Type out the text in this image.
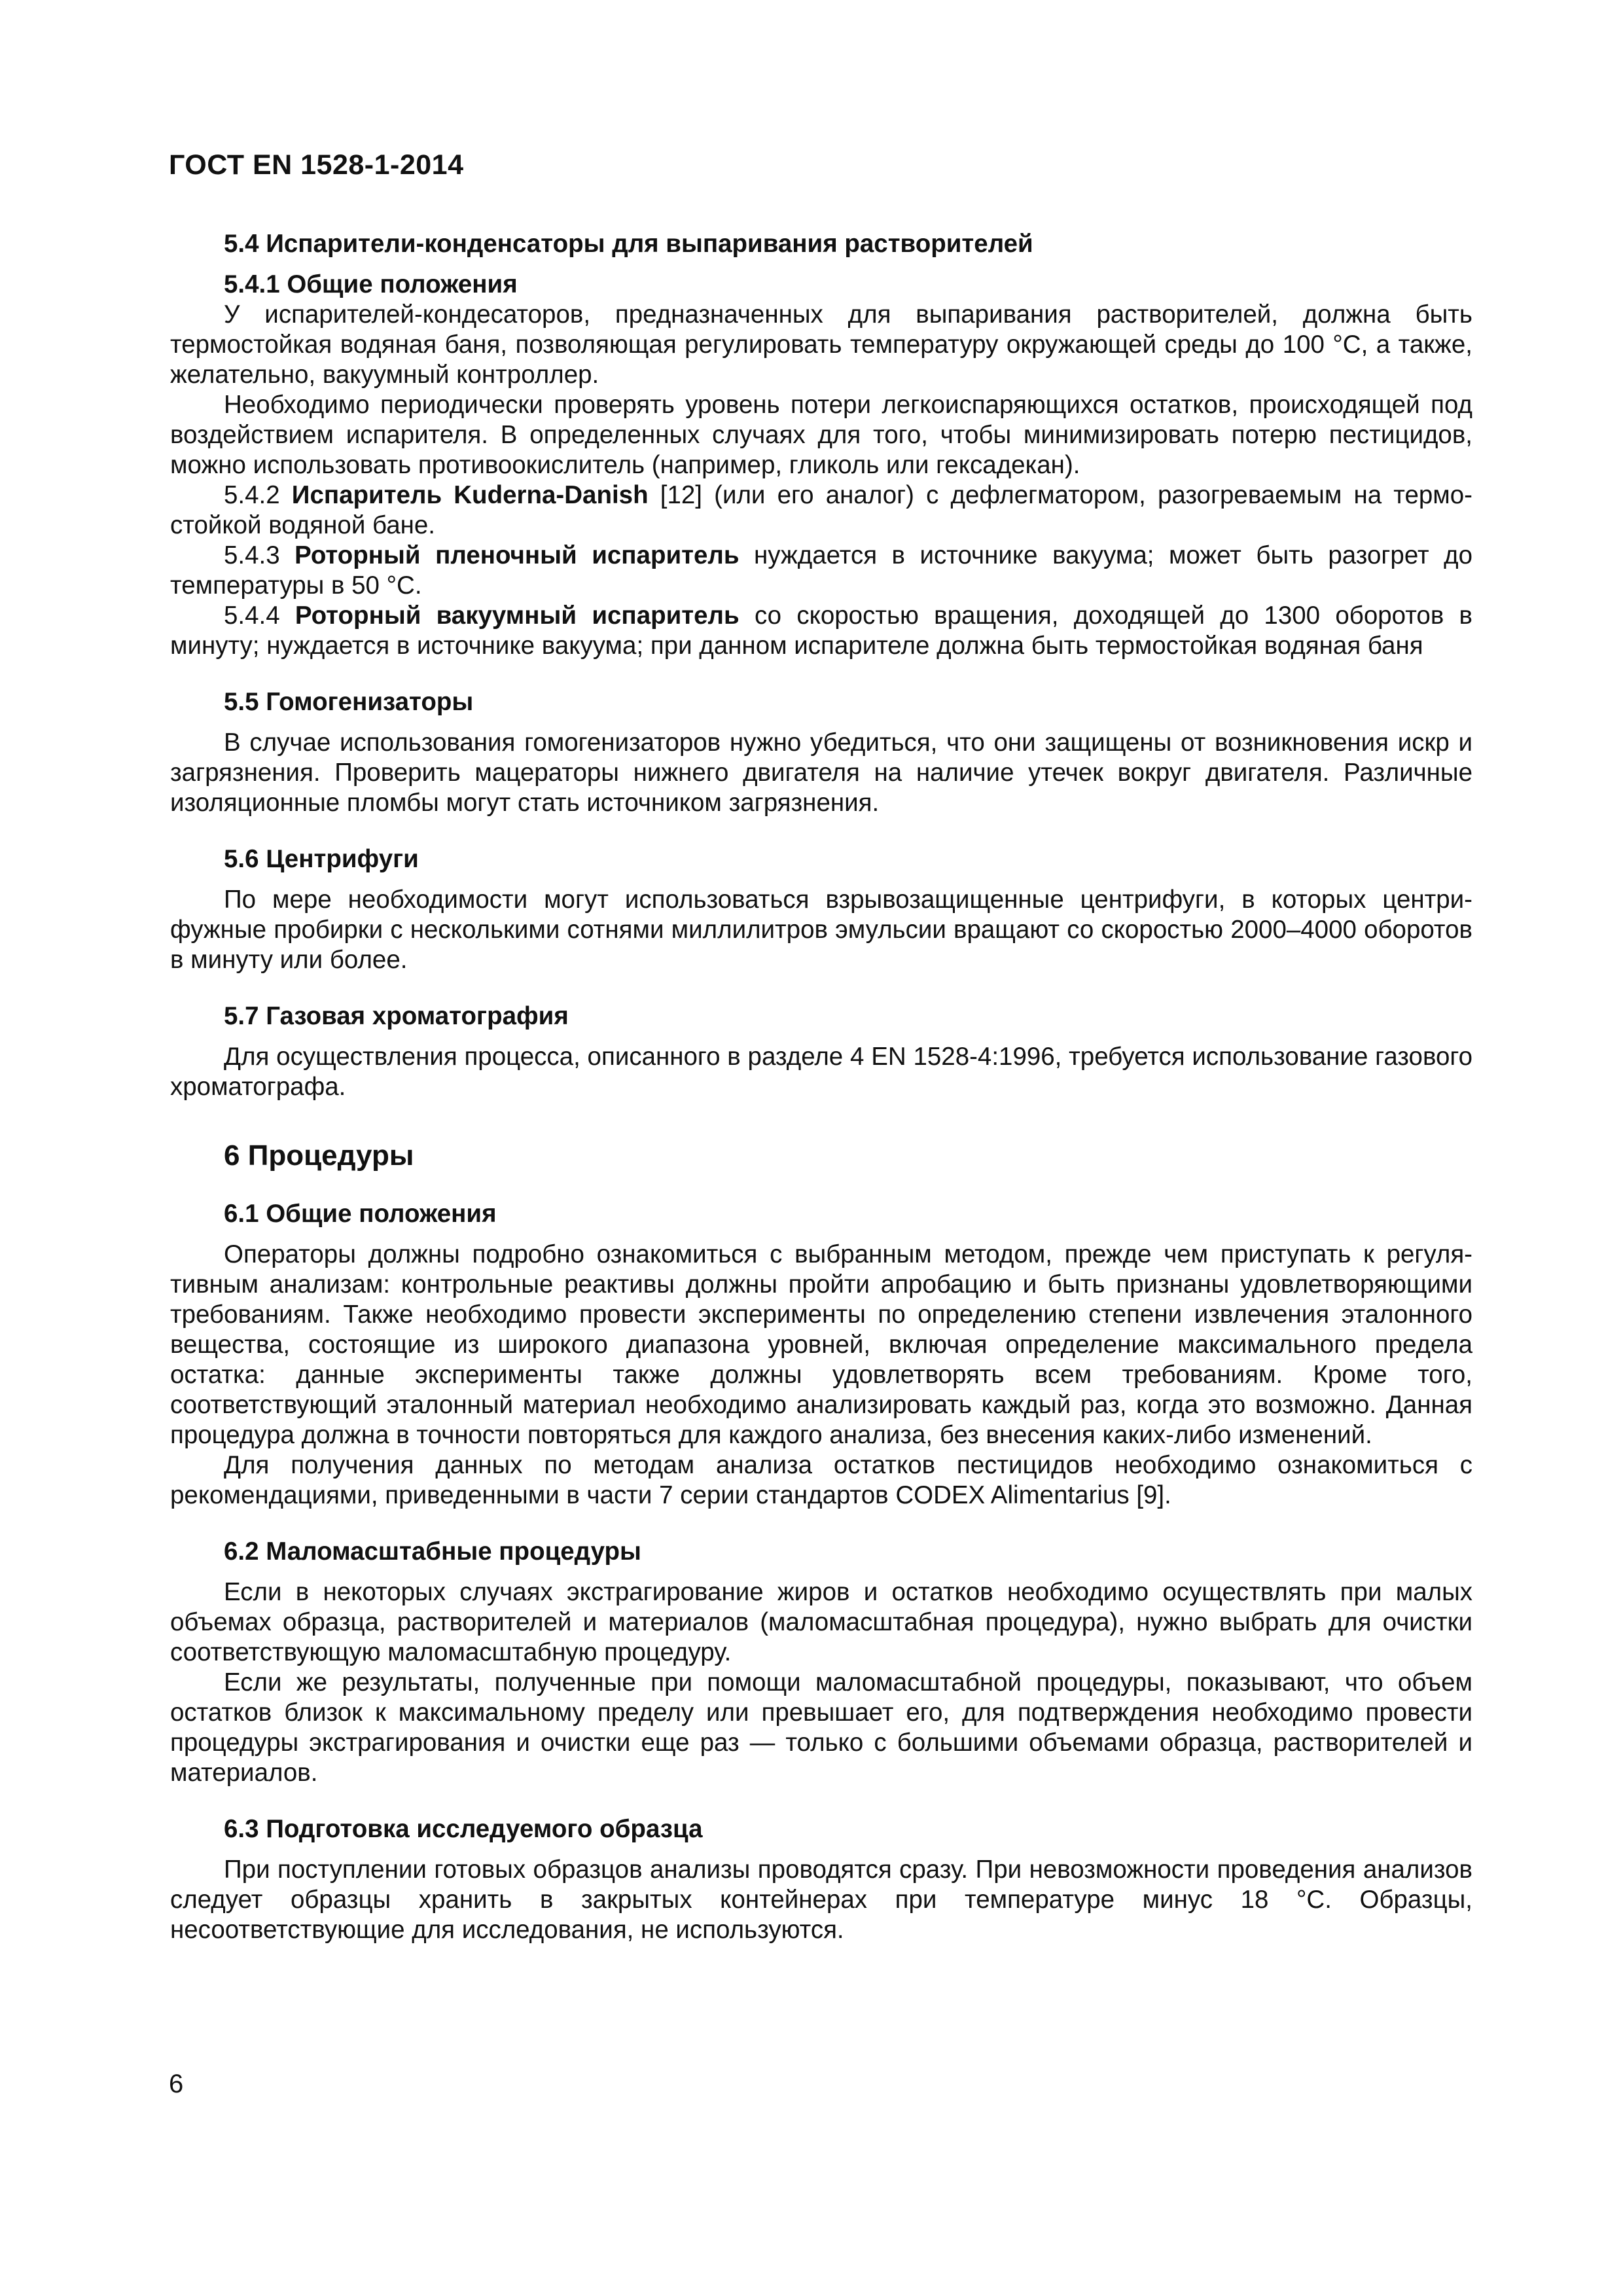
ГОСТ EN 1528-1-2014
5.4 Испарители-конденсаторы для выпаривания растворителей
5.4.1 Общие положения

У испарителей-кондесаторов, предназначенных для выпаривания растворителей, должна быть термостойкая водяная баня, позволяющая регулировать температуру окружающей среды до 100 °С, а также, желательно, вакуумный контроллер.

Необходимо периодически проверять уровень потери легкоиспаряющихся остатков, происходящей под воздействием испарителя. В определенных случаях для того, чтобы минимизировать потерю пестицидов, можно использовать противоокислитель (например, гликоль или гексадекан).

5.4.2 Испаритель Kuderna-Danish [12] (или его аналог) с дефлегматором, разогреваемым на термостойкой водяной бане.

5.4.3 Роторный пленочный испаритель нуждается в источнике вакуума; может быть разогрет до температуры в 50 °С.

5.4.4 Роторный вакуумный испаритель со скоростью вращения, доходящей до 1300 оборотов в минуту; нуждается в источнике вакуума; при данном испарителе должна быть термостойкая водяная баня

5.5 Гомогенизаторы

В случае использования гомогенизаторов нужно убедиться, что они защищены от возникновения искр и загрязнения. Проверить мацераторы нижнего двигателя на наличие утечек вокруг двигателя. Различные изоляционные пломбы могут стать источником загрязнения.

5.6 Центрифуги

По мере необходимости могут использоваться взрывозащищенные центрифуги, в которых центрифужные пробирки с несколькими сотнями миллилитров эмульсии вращают со скоростью 2000–4000 оборотов в минуту или более.

5.7 Газовая хроматография

Для осуществления процесса, описанного в разделе 4 EN 1528-4:1996, требуется использование газового хроматографа.

6 Процедуры
6.1 Общие положения

Операторы должны подробно ознакомиться с выбранным методом, прежде чем приступать к регулятивным анализам: контрольные реактивы должны пройти апробацию и быть признаны удовлетворяющими требованиям. Также необходимо провести эксперименты по определению степени извлечения эталонного вещества, состоящие из широкого диапазона уровней, включая определение максимального предела остатка: данные эксперименты также должны удовлетворять всем требованиям. Кроме того, соответствующий эталонный материал необходимо анализировать каждый раз, когда это возможно. Данная процедура должна в точности повторяться для каждого анализа, без внесения каких-либо изменений.

Для получения данных по методам анализа остатков пестицидов необходимо ознакомиться с рекомендациями, приведенными в части 7 серии стандартов CODEX Alimentarius [9].

6.2 Маломасштабные процедуры

Если в некоторых случаях экстрагирование жиров и остатков необходимо осуществлять при малых объемах образца, растворителей и материалов (маломасштабная процедура), нужно выбрать для очистки соответствующую маломасштабную процедуру.

Если же результаты, полученные при помощи маломасштабной процедуры, показывают, что объем остатков близок к максимальному пределу или превышает его, для подтверждения необходимо провести процедуры экстрагирования и очистки еще раз — только с большими объемами образца, растворителей и материалов.

6.3 Подготовка исследуемого образца

При поступлении готовых образцов анализы проводятся сразу. При невозможности проведения анализов следует образцы хранить в закрытых контейнерах при температуре минус 18 °С. Образцы, несоответствующие для исследования, не используются.

6
